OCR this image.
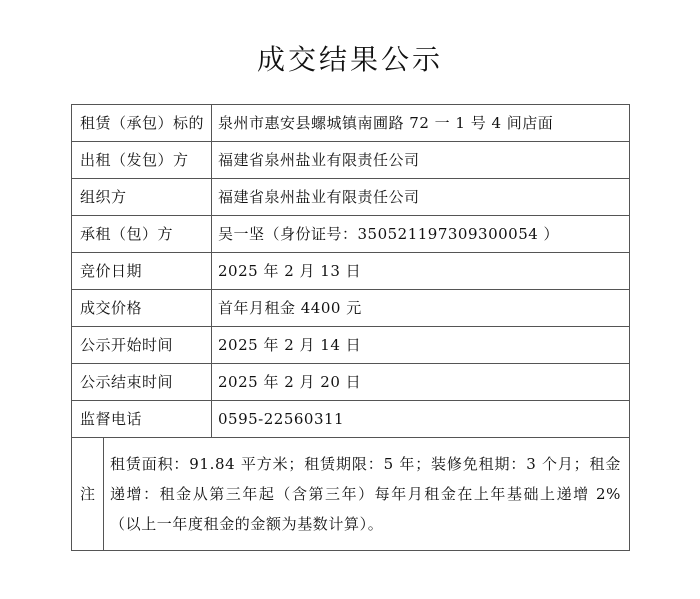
成交结果公示
租赁（承包）标的		泉州市惠安县螺城镇南圃路 72 一 1 号 4 间店面
出租（发包）方		福建省泉州盐业有限责任公司
组织方		福建省泉州盐业有限责任公司
承租（包）方		吴一坚（身份证号：350521197309300054 ）
竞价日期		2025 年 2 月 13 日
成交价格		首年月租金 4400 元
公示开始时间		2025 年 2 月 14 日
公示结束时间		2025 年 2 月 20 日
监督电话		0595-22560311
注	租赁面积：91.84 平方米；租赁期限：5 年；装修免租期：3 个月；租金递增：租金从第三年起（含第三年）每年月租金在上年基础上递增 2%（以上一年度租金的金额为基数计算）。	
